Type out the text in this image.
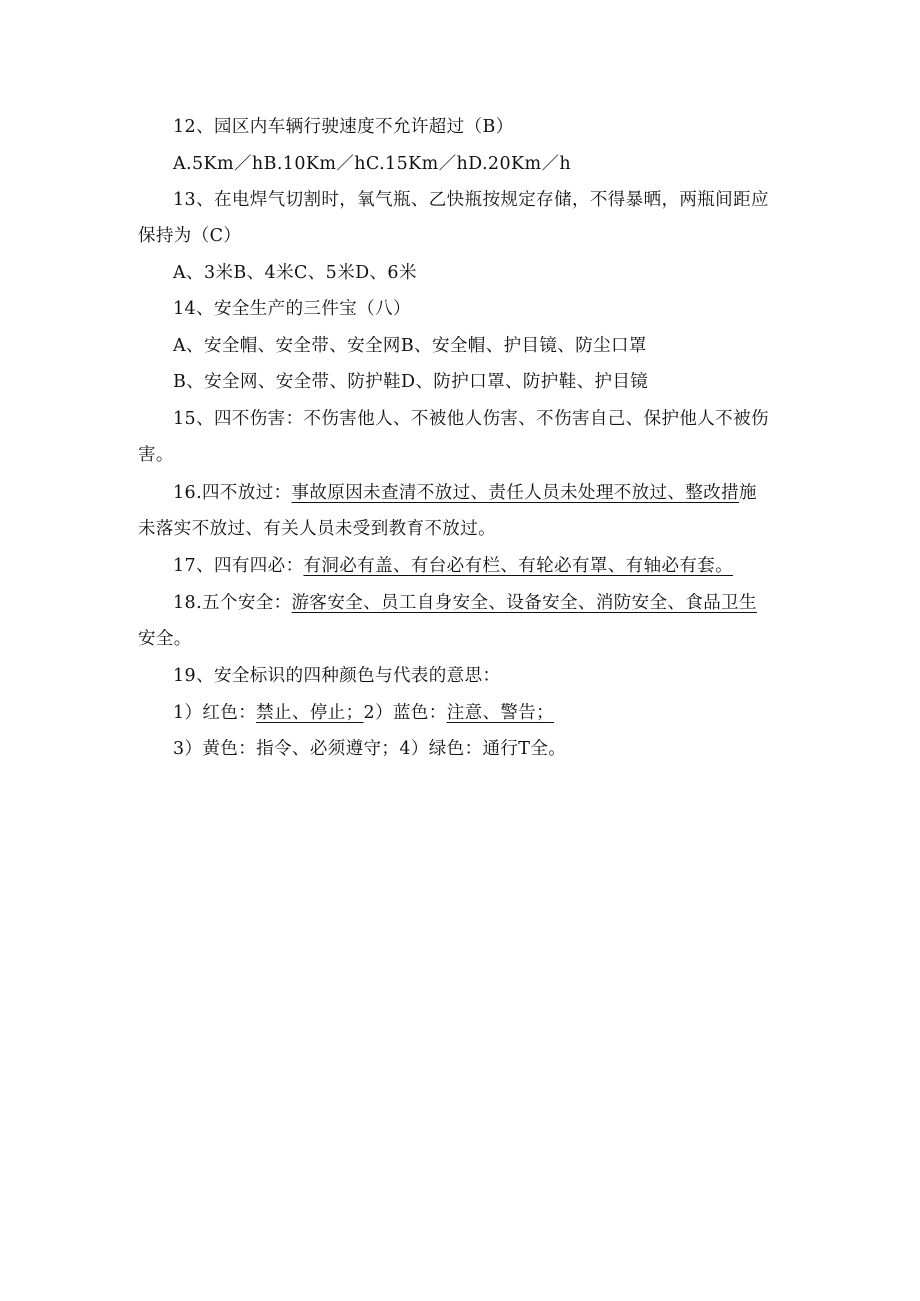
12、园区内车辆行驶速度不允许超过（B）
A.5Km／hB.10Km／hC.15Km／hD.20Km／h
13、在电焊气切割时，氧气瓶、乙快瓶按规定存储，不得暴晒，两瓶间距应
保持为（C）
A、3米B、4米C、5米D、6米
14、安全生产的三件宝（八）
A、安全帽、安全带、安全网B、安全帽、护目镜、防尘口罩
B、安全网、安全带、防护鞋D、防护口罩、防护鞋、护目镜
15、四不伤害：不伤害他人、不被他人伤害、不伤害自己、保护他人不被伤
害。
16.四不放过：事故原因未查清不放过、责任人员未处理不放过、整改措施
未落实不放过、有关人员未受到教育不放过。
17、四有四必：有洞必有盖、有台必有栏、有轮必有罩、有轴必有套。
18.五个安全：游客安全、员工自身安全、设备安全、消防安全、食品卫生
安全。
19、安全标识的四种颜色与代表的意思：
1）红色：禁止、停止；2）蓝色：注意、警告；
3）黄色：指令、必须遵守；4）绿色：通行T全。
